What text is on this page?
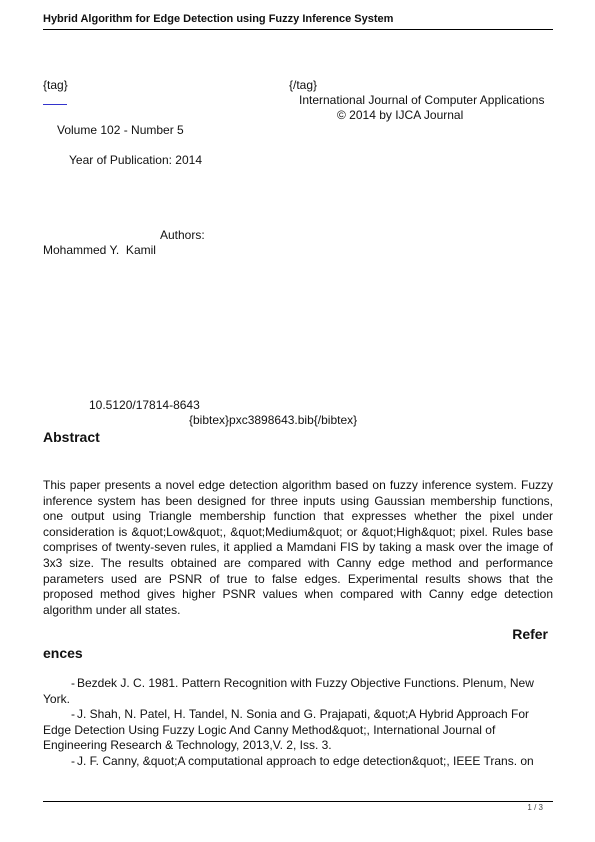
Hybrid Algorithm for Edge Detection using Fuzzy Inference System
{tag}	{/tag}
International Journal of Computer Applications
© 2014 by IJCA Journal
Volume 102 - Number 5
Year of Publication: 2014
Authors:
Mohammed Y.  Kamil
10.5120/17814-8643
{bibtex}pxc3898643.bib{/bibtex}
Abstract
This paper presents a novel edge detection algorithm based on fuzzy inference system. Fuzzy inference system has been designed for three inputs using Gaussian membership functions, one output using Triangle membership function that expresses whether the pixel under consideration is &quot;Low&quot;, &quot;Medium&quot; or &quot;High&quot; pixel. Rules base comprises of twenty-seven rules, it applied a Mamdani FIS by taking a mask over the image of 3x3 size. The results obtained are compared with Canny edge method and performance parameters used are PSNR of true to false edges. Experimental results shows that the proposed method gives higher PSNR values when compared with Canny edge detection algorithm under all states.
Refer
ences
- Bezdek J. C. 1981. Pattern Recognition with Fuzzy Objective Functions. Plenum, New York.
- J. Shah, N. Patel, H. Tandel, N. Sonia and G. Prajapati, &quot;A Hybrid Approach For Edge Detection Using Fuzzy Logic And Canny Method&quot;, International Journal of Engineering Research & Technology, 2013,V. 2, Iss. 3.
- J. F. Canny, &quot;A computational approach to edge detection&quot;, IEEE Trans. on
1 / 3
